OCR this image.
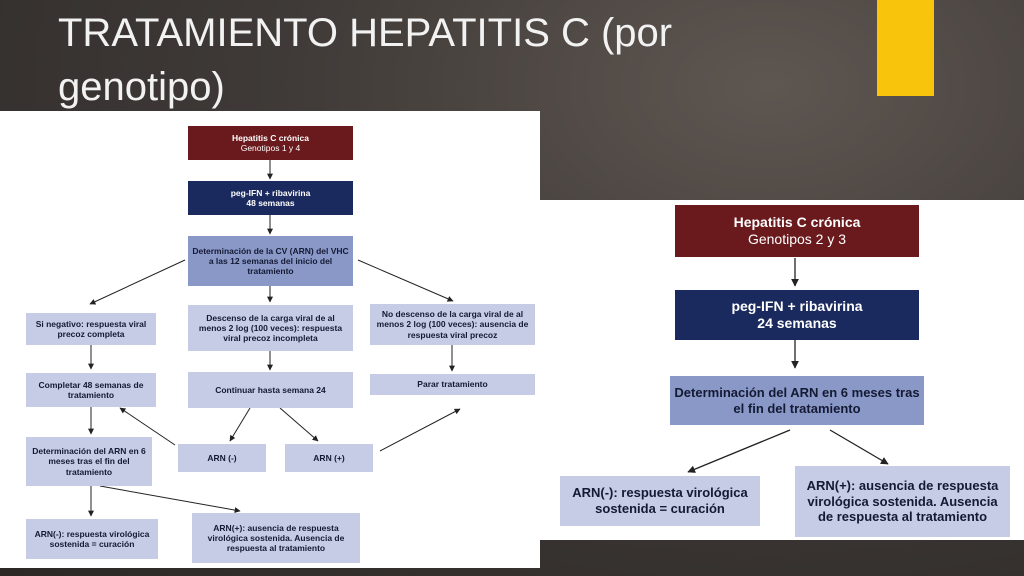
TRATAMIENTO HEPATITIS C (por genotipo)
Hepatitis C crónica
Genotipos 1 y 4
peg-IFN + ribavirina
48 semanas
Determinación de la CV (ARN) del VHC a las 12 semanas del inicio del tratamiento
Si negativo: respuesta viral precoz completa
Descenso de la carga viral de al menos 2 log (100 veces): respuesta viral precoz incompleta
No descenso de la carga viral de al menos 2 log (100 veces): ausencia de respuesta viral precoz
Completar 48 semanas de tratamiento
Continuar hasta semana 24
Parar tratamiento
ARN (-)	ARN (+)
Determinación del ARN en 6 meses tras el fin del tratamiento
ARN(-): respuesta virológica sostenida = curación
ARN(+): ausencia de respuesta virológica sostenida. Ausencia de respuesta al tratamiento
Hepatitis C crónica
Genotipos 2 y 3
peg-IFN + ribavirina
24 semanas
Determinación del ARN en 6 meses tras el fin del tratamiento
ARN(-): respuesta virológica sostenida = curación
ARN(+): ausencia de respuesta virológica sostenida. Ausencia de respuesta al tratamiento
